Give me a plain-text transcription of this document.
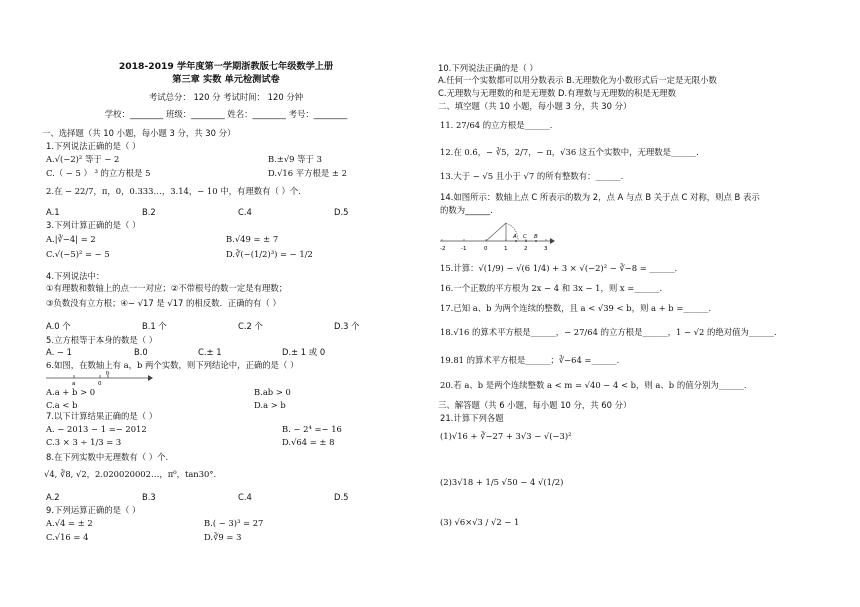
2018-2019 学年度第一学期浙教版七年级数学上册
第三章 实数 单元检测试卷
考试总分： 120 分 考试时间： 120 分钟
学校：________ 班级：________ 姓名：________ 考号：________
一、选择题（共 10 小题，每小题 3 分，共 30 分）
1.下列说法正确的是（ ）
A.√(−2)² 等于 − 2	B.±√9 等于 3
C.（ − 5 ） ³ 的立方根是 5	D.√16 平方根是 ± 2
2.在 − 22/7，π，0，0.333…，3.14，− 10 中，有理数有（ ）个.
A.1	B.2	C.4	D.5
3.下列计算正确的是（ ）
A.|∛−4| = 2	B.√49 = ± 7
C.√(−5)² = − 5	D.∛(−(1/2)³) = − 1/2
4.下列说法中：
①有理数和数轴上的点一一对应；②不带根号的数一定是有理数；
③负数没有立方根；④− √17 是 √17 的相反数．正确的有（ ）
A.0 个	B.1 个	C.2 个	D.3 个
5.立方根等于本身的数是（ ）
A. − 1	B.0	C.± 1	D.± 1 或 0
6.如图，在数轴上有 a，b 两个实数，则下列结论中，正确的是（ ）
a	0
b
A.a + b > 0	B.ab > 0
C.a < b	D.a > b
7.以下计算结果正确的是（ ）
A. − 2013 − 1 =− 2012	B. − 2⁴ =− 16
C.3 × 3 ÷ 1/3 = 3	D.√64 = ± 8
8.在下列实数中无理数有（ ）个.
√4, ∛8, √2，2.020020002…，π⁰，tan30°.
A.2	B.3	C.4	D.5
9.下列运算正确的是（ ）
A.√4 = ± 2	B.( − 3)³ = 27
C.√16 = 4	D.∛9 = 3
10.下列说法正确的是（ ）
A.任何一个实数都可以用分数表示 B.无理数化为小数形式后一定是无限小数
C.无理数与无理数的和是无理数 D.有理数与无理数的积是无理数
二、填空题（共 10 小题，每小题 3 分，共 30 分）
11. 27/64 的立方根是______.
12.在 0.6̇，− ∛5，2/7，− π，√36 这五个实数中，无理数是______.
13.大于 − √5 且小于 √7 的所有整数有：______.
14.如图所示：数轴上点 C 所表示的数为 2，点 A 与点 B 关于点 C 对称，则点 B 表示
的数为______.
-2	-1	0	1	2	3
A C B
15.计算：√(1/9) − √(6 1/4) + 3 × √(−2)² − ∛−8 = ______.
16.一个正数的平方根为 2x − 4 和 3x − 1，则 x =______.
17.已知 a、b 为两个连续的整数，且 a < √39 < b，则 a + b =______.
18.√16 的算术平方根是______，− 27/64 的立方根是______，1 − √2 的绝对值为______.
19.81 的算术平方根是______；∛−64 =______.
20.若 a、b 是两个连续整数 a < m = √40 − 4 < b，则 a、b 的值分别为______.
三、解答题（共 6 小题，每小题 10 分，共 60 分）
21.计算下列各题
(1)√16 + ∛−27 + 3√3 − √(−3)²
(2)3√18 + 1/5 √50 − 4 √(1/2)
(3) √6×√3 / √2 − 1
